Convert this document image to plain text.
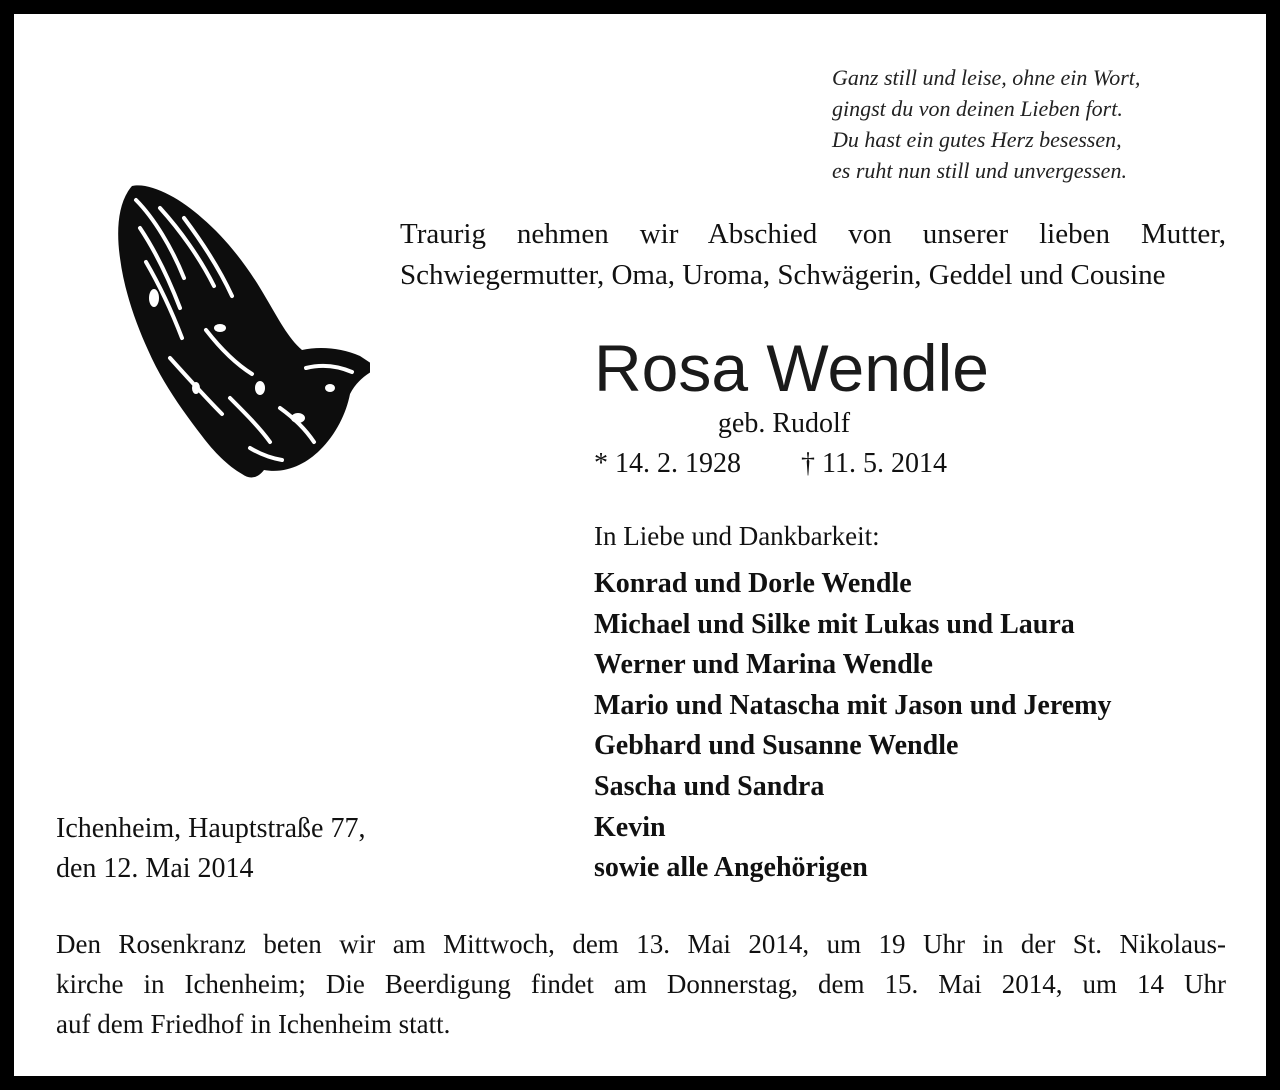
Ganz still und leise, ohne ein Wort,
gingst du von deinen Lieben fort.
Du hast ein gutes Herz besessen,
es ruht nun still und unvergessen.
Traurig nehmen wir Abschied von unserer lieben Mutter,
Schwiegermutter, Oma, Uroma, Schwägerin, Geddel und Cousine
Rosa Wendle
geb. Rudolf
* 14. 2. 1928 † 11. 5. 2014
In Liebe und Dankbarkeit:
Konrad und Dorle Wendle
Michael und Silke mit Lukas und Laura
Werner und Marina Wendle
Mario und Natascha mit Jason und Jeremy
Gebhard und Susanne Wendle
Sascha und Sandra
Kevin
sowie alle Angehörigen
Ichenheim, Hauptstraße 77,
den 12. Mai 2014
Den Rosenkranz beten wir am Mittwoch, dem 13. Mai 2014, um 19 Uhr in der St. Nikolaus-
kirche in Ichenheim; Die Beerdigung findet am Donnerstag, dem 15. Mai 2014, um 14 Uhr
auf dem Friedhof in Ichenheim statt.
